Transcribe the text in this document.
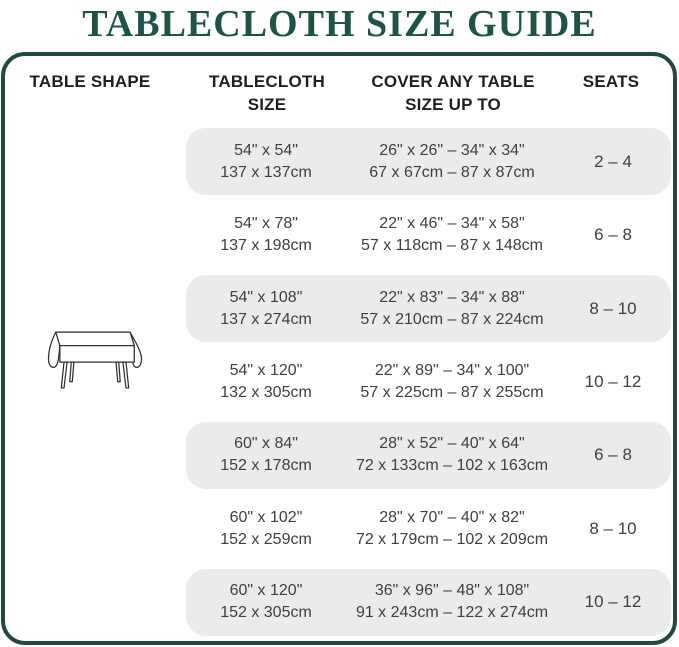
TABLECLOTH SIZE GUIDE
TABLE SHAPE	TABLECLOTH SIZE
COVER ANY TABLE SIZE UP TO
SEATS
54" x 54"
137 x 137cm
26" x 26" – 34" x 34"
67 x 67cm – 87 x 87cm
2 – 4
54" x 78"
137 x 198cm
22" x 46" – 34" x 58"
57 x 118cm – 87 x 148cm
6 – 8
54" x 108"
137 x 274cm
22" x 83" – 34" x 88"
57 x 210cm – 87 x 224cm
8 – 10
54" x 120"
132 x 305cm
22" x 89" – 34" x 100"
57 x 225cm – 87 x 255cm
10 – 12
60" x 84"
152 x 178cm
28" x 52" – 40" x 64"
72 x 133cm – 102 x 163cm
6 – 8
60" x 102"
152 x 259cm
28" x 70" – 40" x 82"
72 x 179cm – 102 x 209cm
8 – 10
60" x 120"
152 x 305cm
36" x 96" – 48" x 108"
91 x 243cm – 122 x 274cm
10 – 12
